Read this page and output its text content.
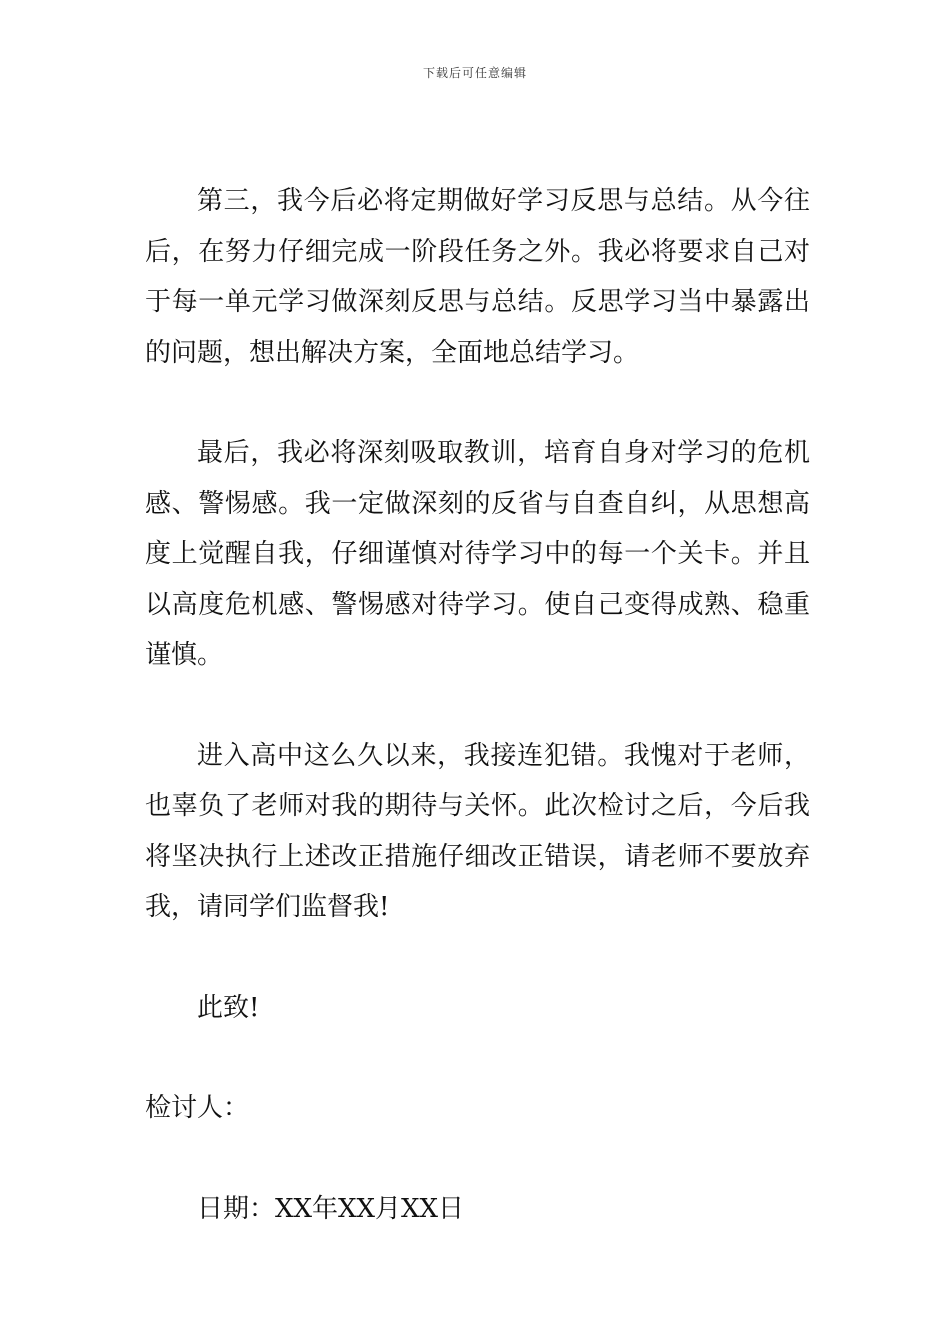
下载后可任意编辑

第三，我今后必将定期做好学习反思与总结。从今往后，在努力仔细完成一阶段任务之外。我必将要求自己对于每一单元学习做深刻反思与总结。反思学习当中暴露出的问题，想出解决方案，全面地总结学习。

最后，我必将深刻吸取教训，培育自身对学习的危机感、警惕感。我一定做深刻的反省与自查自纠，从思想高度上觉醒自我，仔细谨慎对待学习中的每一个关卡。并且以高度危机感、警惕感对待学习。使自己变得成熟、稳重谨慎。

进入高中这么久以来，我接连犯错。我愧对于老师，也辜负了老师对我的期待与关怀。此次检讨之后，今后我将坚决执行上述改正措施仔细改正错误，请老师不要放弃我，请同学们监督我!

此致!

检讨人：

日期：XX年XX月XX日
